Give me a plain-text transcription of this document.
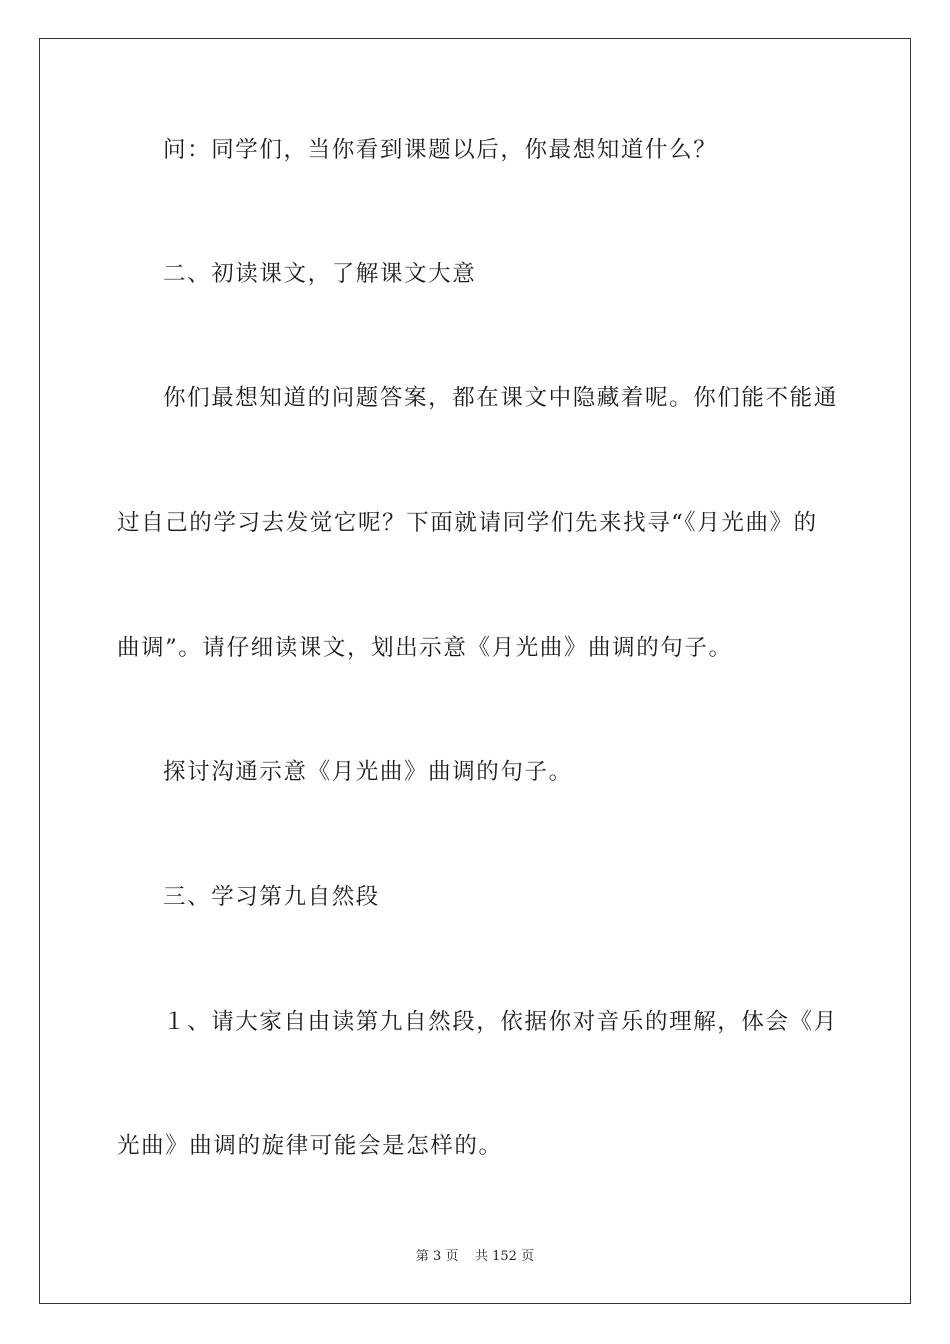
问：同学们，当你看到课题以后，你最想知道什么？
二、初读课文，了解课文大意
你们最想知道的问题答案，都在课文中隐藏着呢。你们能不能通
过自己的学习去发觉它呢？下面就请同学们先来找寻“《月光曲》的
曲调”。请仔细读课文，划出示意《月光曲》曲调的句子。
探讨沟通示意《月光曲》曲调的句子。
三、学习第九自然段
１、请大家自由读第九自然段，依据你对音乐的理解，体会《月
光曲》曲调的旋律可能会是怎样的。
第 3 页    共 152 页
